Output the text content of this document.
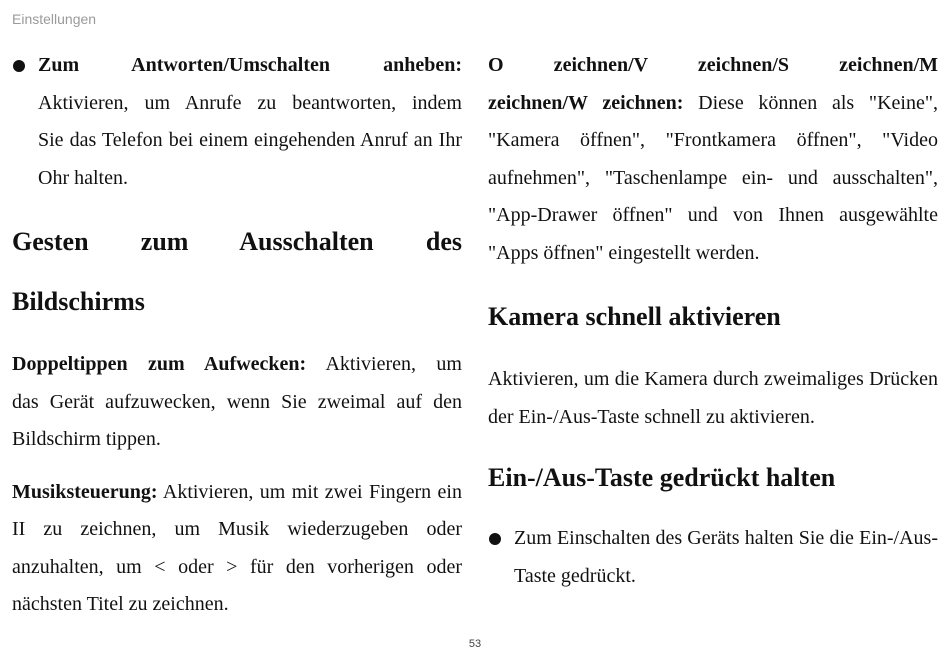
Einstellungen

Zum Antworten/Umschalten anheben:

Aktivieren, um Anrufe zu beantworten, indem

Sie das Telefon bei einem eingehenden Anruf an Ihr Ohr halten.

Gesten zum Ausschalten des
Bildschirms

Doppeltippen zum Aufwecken: Aktivieren, um

das Gerät aufzuwecken, wenn Sie zweimal auf den Bildschirm tippen.

Musiksteuerung: Aktivieren, um mit zwei Fingern ein II zu zeichnen, um Musik wiederzugeben oder anzuhalten, um < oder > für den vorherigen oder nächsten Titel zu zeichnen.

O zeichnen/V zeichnen/S zeichnen/M

zeichnen/W zeichnen: Diese können als "Keine", "Kamera öffnen", "Frontkamera öffnen", "Video aufnehmen", "Taschenlampe ein- und ausschalten", "App-Drawer öffnen" und von Ihnen ausgewählte "Apps öffnen" eingestellt werden.

Kamera schnell aktivieren

Aktivieren, um die Kamera durch zweimaliges Drücken der Ein-/Aus-Taste schnell zu aktivieren.

Ein-/Aus-Taste gedrückt halten

Zum Einschalten des Geräts halten Sie die Ein-/Aus-Taste gedrückt.

53
